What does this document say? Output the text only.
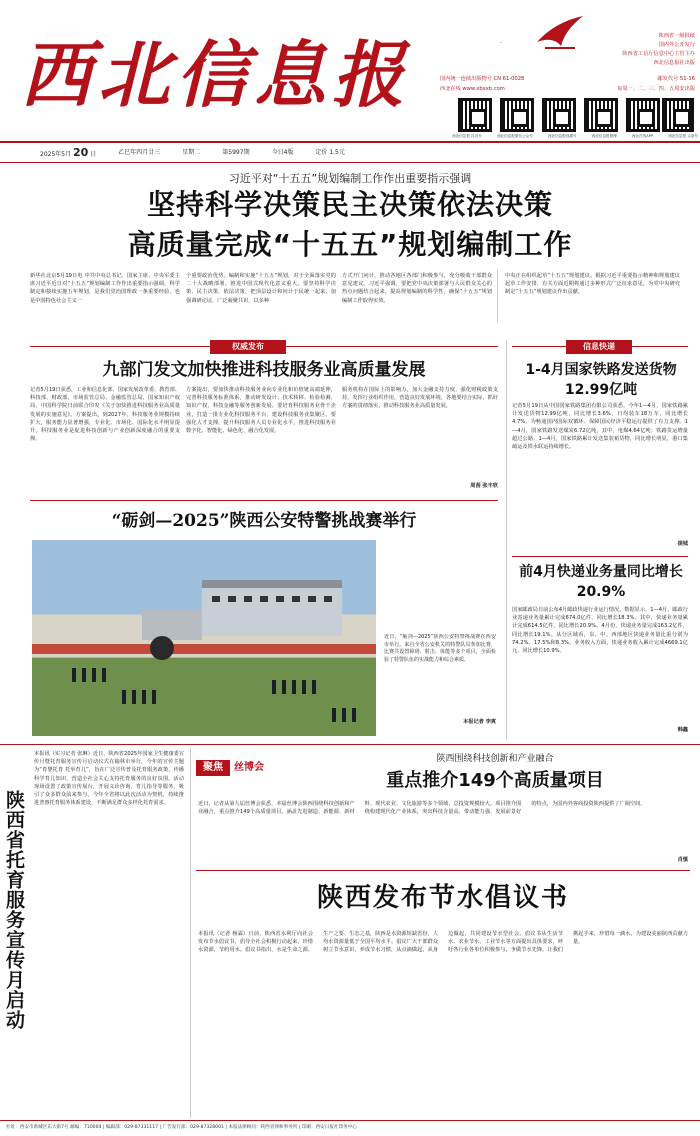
西北信息报	·
陕西省一级报纸
国内外公开发行
陕西省工信厅信息中心主管主办
西北信息报社出版
国内统一连续出版物号 CN 61-0028	邮发代号 51-16
西北在线 www.xbxxb.com	每周一、二、三、四、五周安出版
西北信息报 抖音号	西北信息报微信公众号	西北信息报视频号	西北信息报微博	西北在线APP	西北信息报 头条号
2025年5月 20 日	乙巳年四月廿三	星期二	第5997期	今日4版	定价 1.5元
习近平对“十五五”规划编制工作作出重要指示强调
坚持科学决策民主决策依法决策
高质量完成“十五五”规划编制工作
新华社北京5月19日电 中共中央总书记、国家主席、中央军委主席习近平近日对“十五五”规划编制工作作出重要指示强调，科学制定和接续实施五年规划，是我们党治国理政一条重要经验，也是中国特色社会主义一
个重要政治优势。编制和实施“十五五”规划，对于全面落实党的二十大战略部署，推进中国式现代化意义重大。要坚持科学决策、民主决策、依法决策，把顶层设计和问计于民统一起来，加强调研论证，广泛凝聚共识，以多种
方式开门问计，推动各地区各部门积极参与，充分吸收干部群众意见建议。习近平强调，要把党中央决策部署与人民群众关心的热点问题结合起来，提高规划编制的科学性，确保“十五五”规划编制工作取得实效。
中央正在组织起草“十五五”规划建议。根据习近平重要指示精神和规划建议起草工作安排，有关方面近期将通过多种形式广泛征求意见，为党中央研究制定“十五五”规划建议作出贡献。
权威发布
九部门发文加快推进科技服务业高质量发展
记者5月19日获悉，工业和信息化部、国家发展改革委、教育部、科技部、财政部、市场监管总局、金融监管总局、国家知识产权局、中国科学院日前联合印发《关于加快推进科技服务业高质量发展的实施意见》。方案提出，到2027年，科技服务业规模持续扩大，服务能力显著增强，专业化、市场化、国际化水平明显提升。科技服务业是促进科技创新与产业创新深度融合的重要支撑。
方案提出，要加快推动科技服务业向专业化和价值链高端延伸，完善科技服务标准体系，推动研发设计、技术转移、检验检测、知识产权、科技金融等服务创新发展。要培育科技服务业骨干企业，打造一批专业化科技服务平台，建设科技服务业集聚区。要强化人才支撑，提升科技服务人员专业化水平，推进科技服务业数字化、智能化、绿色化、融合化发展。
服务机构在国际上的影响力，加大金融支持力度，强化财税政策支持，发挥行业组织作用，营造良好发展环境。各地要结合实际，抓好方案的贯彻落实，推动科技服务业高质量发展。
周茜 张丰欣
“砺剑—2025”陕西公安特警挑战赛举行
近日，“砺剑—2025”陕西公安特警挑战赛在西安市举行。来自全省公安机关的特警队员参加比赛，比赛共设置障碍、射击、体能等多个项目，全面检验了特警队伍的实战能力和综合素质。
本报记者 李爽
信息快递
1-4月国家铁路发送货物12.99亿吨
记者5月19日从中国国家铁路集团有限公司获悉，今年1—4月，国家铁路累计发送货物12.99亿吨，同比增长3.6%，日均装车18万车，同比增长4.7%。为畅通国内国际双循环、保障国民经济平稳运行提供了有力支撑。1—4月，国家铁路发送煤炭6.72亿吨，其中，电煤4.64亿吨；铁路货运增量超过公路。1—4月，国家铁路累计发送集装箱货物，同比增长明显，港口集疏运及铁水联运持续增长。
提城
前4月快递业务量同比增长20.9%
国家邮政局日前公布4月邮政快递行业运行情况。数据显示，1—4月，邮政行业寄递业务量累计完成674.0亿件，同比增长18.3%。其中，快递业务量累计完成614.5亿件，同比增长20.9%。4月份，快递业务量完成163.2亿件，同比增长19.1%。从分区域看，东、中、西部地区快递业务量比重分别为74.2%、17.5%和8.3%。业务收入方面，快递业务收入累计完成4669.1亿元，同比增长10.9%。
韩鑫
陕西省托育服务宣传月启动
本报讯（实习记者 张琳）近日，陕西省2025年国家卫生健康委宣传月暨托育服务宣传月启动仪式在榆林市举行。今年的宣传主题为“育婴托育 托举育儿”，旨在广泛宣传普及托育服务政策，传播科学育儿知识，营造全社会关心支持托育服务的良好氛围。活动现场设置了政策宣传展台，开展义诊咨询、育儿指导等服务，吸引了众多群众前来参与。今年全省将以此次活动为契机，持续推进普惠托育服务体系建设，不断满足群众多样化托育需求。
聚焦	丝博会
陕西围绕科技创新和产业融合
重点推介149个高质量项目
近日，记者从第九届丝博会获悉，本届丝博会陕西围绕科技创新和产业融合，重点推介149个高质量项目，涵盖先进制造、新能源、新材料、现代农业、文化旅游等多个领域，总投资规模较大。项目推介围绕构建现代化产业体系，突出科技含量高、带动能力强、发展前景好的特点，为国内外客商投资陕西提供了广阔空间。
肖慎
陕西发布节水倡议书
本报讯（记者 杨霖）日前，陕西省水利厅向社会发布节水倡议书，倡导全社会积极行动起来，珍惜水资源，节约用水。倡议书指出，水是生命之源、生产之要、生态之基，陕西是水资源短缺省份，人均水资源量低于全国平均水平。倡议广大干部群众树立节水意识，养成节水习惯，从点滴做起，从身边做起，共同建设节水型社会。倡议书从生活节水、农业节水、工业节水等方面提出具体要求，呼吁各行业各单位积极参与，争做节水先锋。让我们携起手来，珍惜每一滴水，为建设美丽陕西贡献力量。
社址：西安市新城区东大街7号 邮编：710004 | 编辑部：029-87331117 | 广告发行部：029-87328001 | 本报法律顾问：陕西省律师事务所 | 印刷：西安日报社印务中心
